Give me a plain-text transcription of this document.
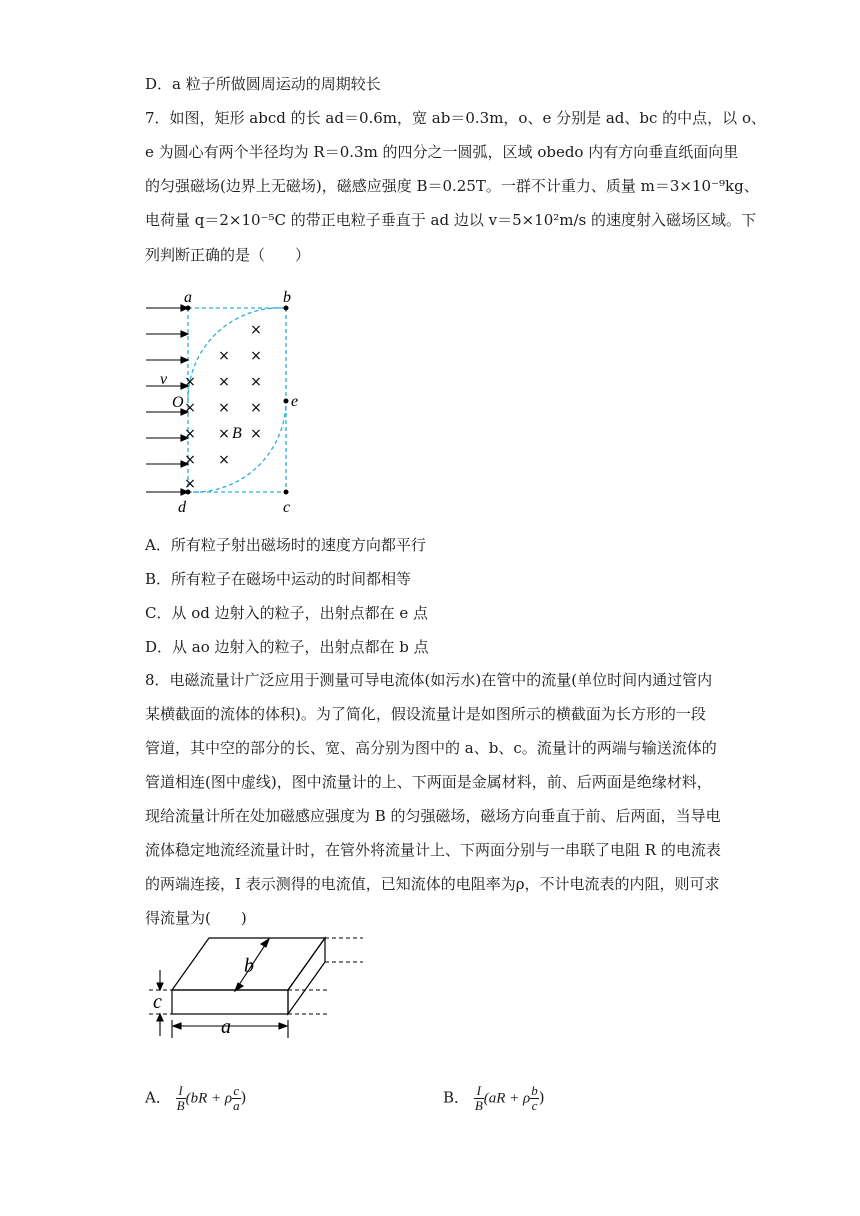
D．a 粒子所做圆周运动的周期较长
7．如图，矩形 abcd 的长 ad＝0.6m，宽 ab＝0.3m，o、e 分别是 ad、bc 的中点，以 o、
e 为圆心有两个半径均为 R＝0.3m 的四分之一圆弧，区域 obedo 内有方向垂直纸面向里
的匀强磁场(边界上无磁场)，磁感应强度 B＝0.25T。一群不计重力、质量 m＝3×10⁻⁹kg、
电荷量 q＝2×10⁻⁵C 的带正电粒子垂直于 ad 边以 v＝5×10²m/s 的速度射入磁场区域。下
列判断正确的是（　　）
×
× ×
× × ×
× × ×
× × ×
× ×
×
a	b
e
c
d
O
v
B
A．所有粒子射出磁场时的速度方向都平行
B．所有粒子在磁场中运动的时间都相等
C．从 od 边射入的粒子，出射点都在 e 点
D．从 ao 边射入的粒子，出射点都在 b 点
8．电磁流量计广泛应用于测量可导电流体(如污水)在管中的流量(单位时间内通过管内
某横截面的流体的体积)。为了简化，假设流量计是如图所示的横截面为长方形的一段
管道，其中空的部分的长、宽、高分别为图中的 a、b、c。流量计的两端与输送流体的
管道相连(图中虚线)，图中流量计的上、下两面是金属材料，前、后两面是绝缘材料，
现给流量计所在处加磁感应强度为 B 的匀强磁场，磁场方向垂直于前、后两面，当导电
流体稳定地流经流量计时，在管外将流量计上、下两面分别与一串联了电阻 R 的电流表
的两端连接，I 表示测得的电流值，已知流体的电阻率为ρ，不计电流表的内阻，则可求
得流量为(　　)
b
c
a
A． $\frac{I}{B} (bR + \rho \frac{c}{a}$ )	B． $\frac{I}{B} (aR + \rho \frac{b}{c}$ )
